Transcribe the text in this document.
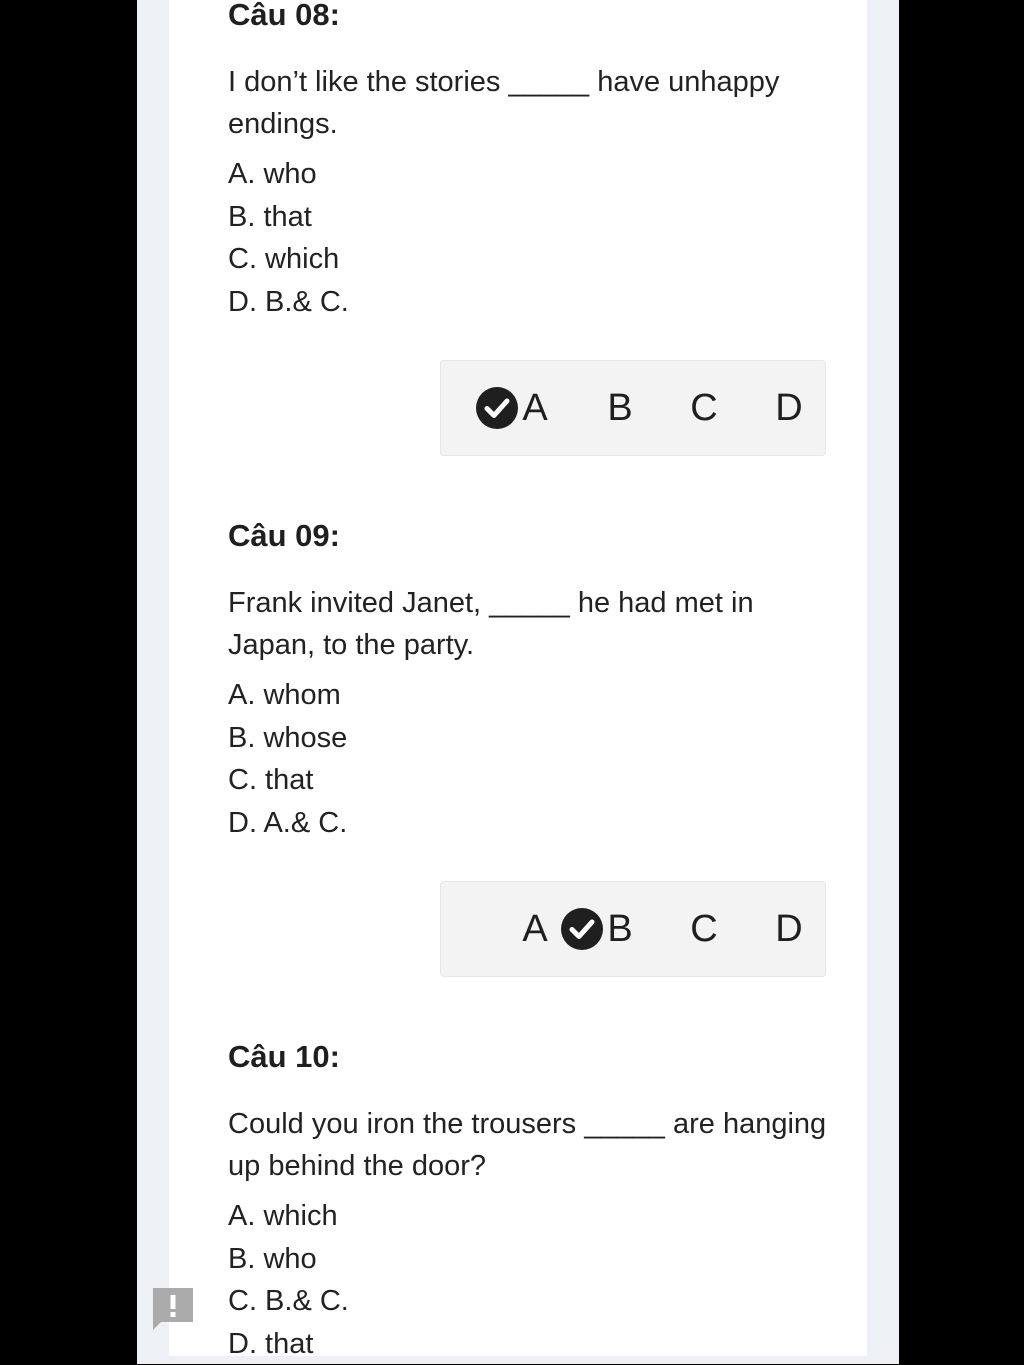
Câu 08:

I don’t like the stories _____ have unhappy endings.

A. who
B. that
C. which
D. B.& C.
A B C D
Câu 09:

Frank invited Janet, _____ he had met in Japan, to the party.

A. whom
B. whose
C. that
D. A.& C.
A B C D
Câu 10:

Could you iron the trousers _____ are hanging up behind the door?

A. which
B. who
C. B.& C.
D. that
